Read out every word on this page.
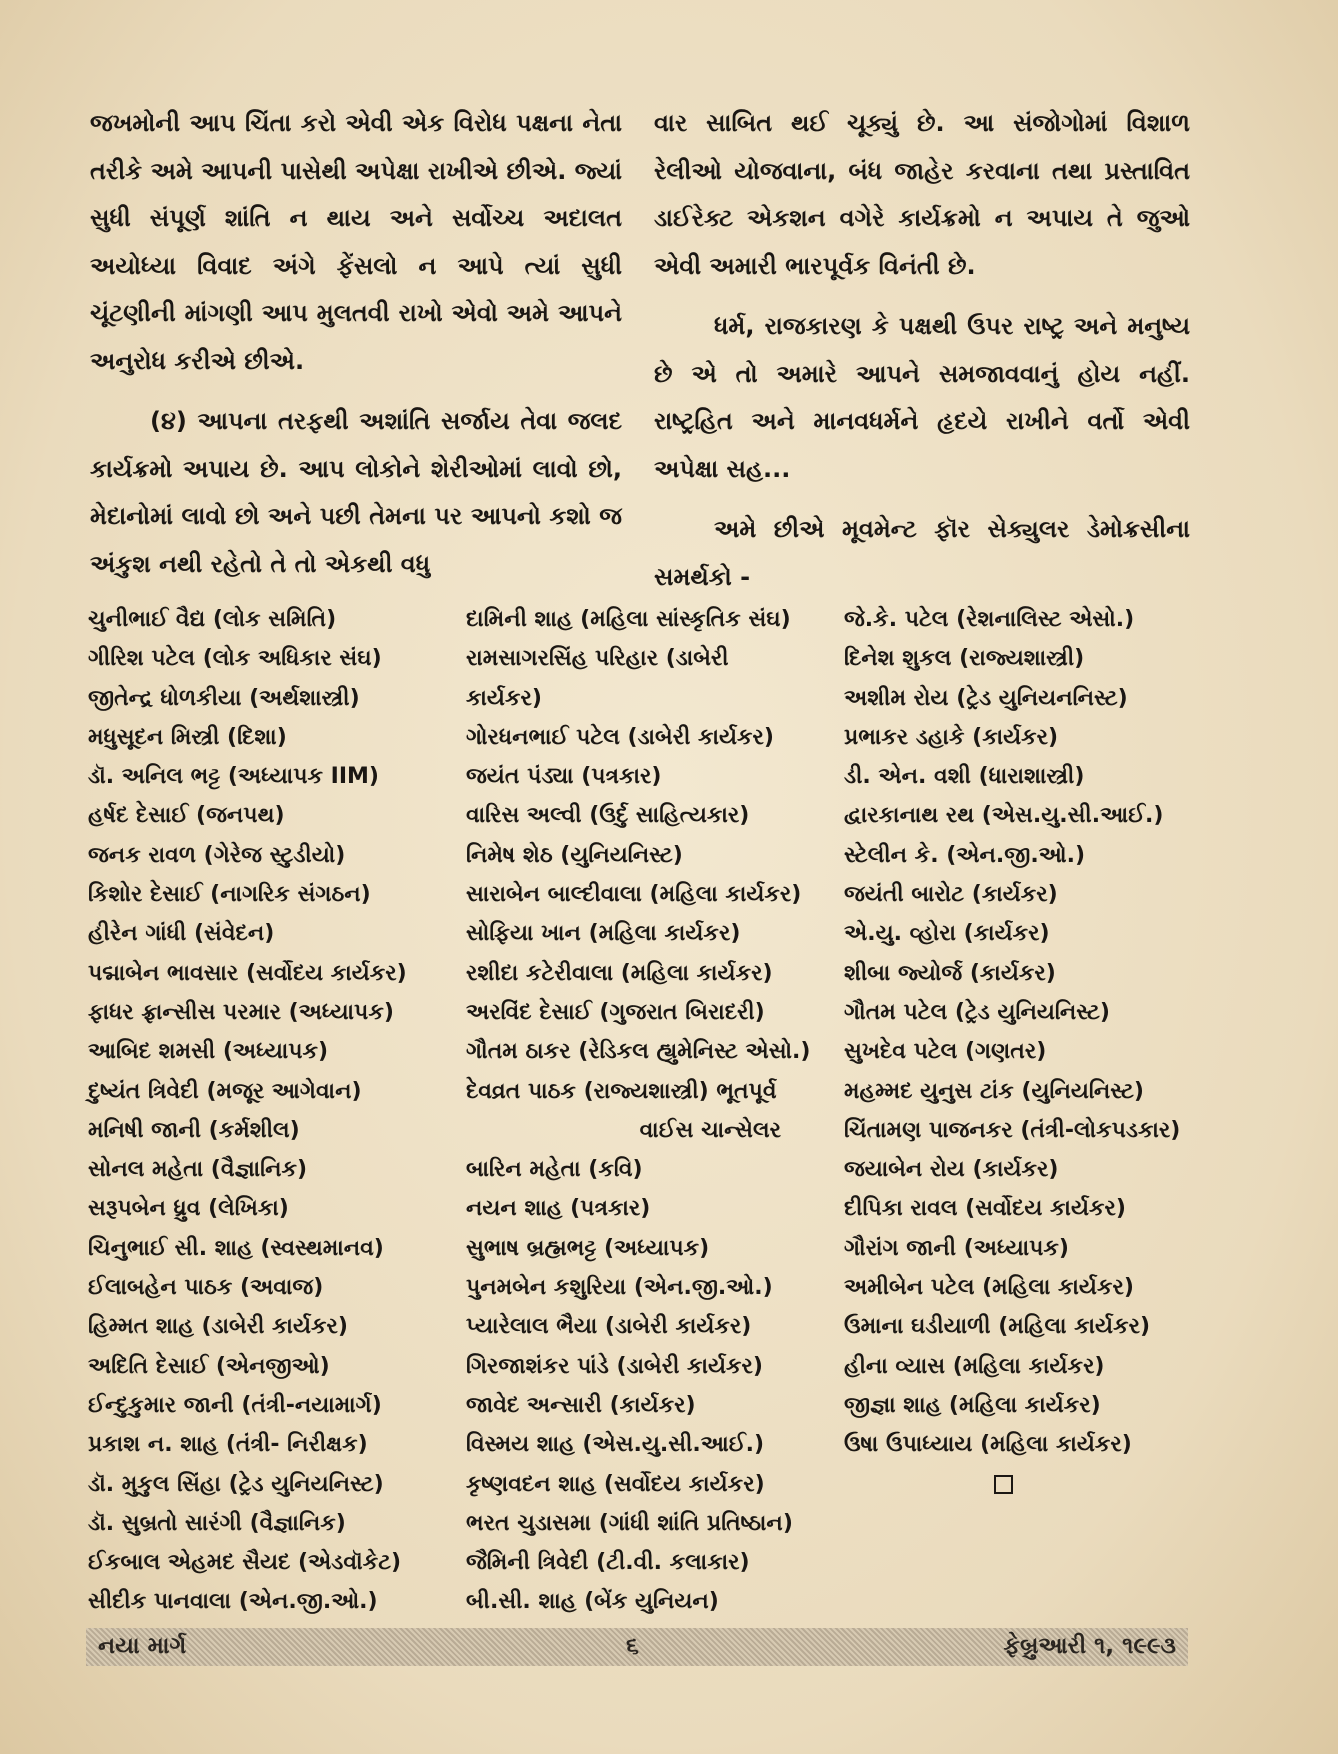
જખમોની આપ ચિંતા કરો એવી એક વિરોધ પક્ષના નેતા તરીકે અમે આપની પાસેથી અપેક્ષા રાખીએ છીએ. જ્યાં સુધી સંપૂર્ણ શાંતિ ન થાય અને સર્વોચ્ચ અદાલત અયોધ્યા વિવાદ અંગે ફેંસલો ન આપે ત્યાં સુધી ચૂંટણીની માંગણી આપ મુલતવી રાખો એવો અમે આપને અનુરોધ કરીએ છીએ.

(૪) આપના તરફથી અશાંતિ સર્જાય તેવા જલદ કાર્યક્રમો અપાય છે. આપ લોકોને શેરીઓમાં લાવો છો, મેદાનોમાં લાવો છો અને પછી તેમના પર આપનો કશો જ અંકુશ નથી રહેતો તે તો એકથી વધુ

વાર સાબિત થઈ ચૂક્યું છે. આ સંજોગોમાં વિશાળ રેલીઓ યોજવાના, બંધ જાહેર કરવાના તથા પ્રસ્તાવિત ડાઈરેક્ટ એકશન વગેરે કાર્યક્રમો ન અપાય તે જુઓ એવી અમારી ભારપૂર્વક વિનંતી છે.

ધર્મ, રાજકારણ કે પક્ષથી ઉપર રાષ્ટ્ર અને મનુષ્ય છે એ તો અમારે આપને સમજાવવાનું હોય નહીં. રાષ્ટ્રહિત અને માનવધર્મને હૃદયે રાખીને વર્તો એવી અપેક્ષા સહ...

અમે છીએ મૂવમેન્ટ ફૉર સેક્યુલર ડેમોક્રસીના સમર્થકો -

ચુનીભાઈ વૈદ્ય (લોક સમિતિ)
ગીરિશ પટેલ (લોક અધિકાર સંઘ)
જીતેન્દ્ર ધોળકીયા (અર્થશાસ્ત્રી)
મધુસૂદન મિસ્ત્રી (દિશા)
ડૉ. અનિલ ભટ્ટ (અધ્યાપક IIM)
હર્ષદ દેસાઈ (જનપથ)
જનક રાવળ (ગેરેજ સ્ટુડીયો)
કિશોર દેસાઈ (નાગરિક સંગઠન)
હીરેન ગાંધી (સંવેદન)
પદ્માબેન ભાવસાર (સર્વોદય કાર્યકર)
ફાધર ફ્રાન્સીસ પરમાર (અધ્યાપક)
આબિદ શમસી (અધ્યાપક)
દુષ્યંત ત્રિવેદી (મજૂર આગેવાન)
મનિષી જાની (કર્મશીલ)
સોનલ મહેતા (વૈજ્ઞાનિક)
સરૂપબેન ધ્રુવ (લેખિકા)
ચિનુભાઈ સી. શાહ (સ્વસ્થમાનવ)
ઈલાબહેન પાઠક (અવાજ)
હિમ્મત શાહ (ડાબેરી કાર્યકર)
અદિતિ દેસાઈ (એનજીઓ)
ઈન્દુકુમાર જાની (તંત્રી-નયામાર્ગ)
પ્રકાશ ન. શાહ (તંત્રી- નિરીક્ષક)
ડૉ. મુકુલ સિંહા (ટ્રેડ યુનિયનિસ્ટ)
ડૉ. સુબ્રતો સારંગી (વૈજ્ઞાનિક)
ઈકબાલ એહમદ સૈયદ (એડવૉકેટ)
સીદીક પાનવાલા (એન.જી.ઓ.)
દામિની શાહ (મહિલા સાંસ્કૃતિક સંઘ)
રામસાગરસિંહ પરિહાર (ડાબેરી
કાર્યકર)
ગોરધનભાઈ પટેલ (ડાબેરી કાર્યકર)
જયંત પંડ્યા (પત્રકાર)
વારિસ અલ્વી (ઉર્દુ સાહિત્યકાર)
નિમેષ શેઠ (યુનિયનિસ્ટ)
સારાબેન બાલ્દીવાલા (મહિલા કાર્યકર)
સોફિયા ખાન (મહિલા કાર્યકર)
રશીદા કટેરીવાલા (મહિલા કાર્યકર)
અરવિંદ દેસાઈ (ગુજરાત બિરાદરી)
ગૌતમ ઠાકર (રેડિકલ હ્યુમેનિસ્ટ એસો.)
દેવવ્રત પાઠક (રાજ્યશાસ્ત્રી) ભૂતપૂર્વ
વાઈસ ચાન્સેલર
બારિન મહેતા (કવિ)
નયન શાહ (પત્રકાર)
સુભાષ બ્રહ્મભટ્ટ (અધ્યાપક)
પુનમબેન કશુરિયા (એન.જી.ઓ.)
પ્યારેલાલ ભૈયા (ડાબેરી કાર્યકર)
ગિરજાશંકર પાંડે (ડાબેરી કાર્યકર)
જાવેદ અન્સારી (કાર્યકર)
વિસ્મય શાહ (એસ.યુ.સી.આઈ.)
કૃષ્ણવદન શાહ (સર્વોદય કાર્યકર)
ભરત ચુડાસમા (ગાંધી શાંતિ પ્રતિષ્ઠાન)
જૈમિની ત્રિવેદી (ટી.વી. કલાકાર)
બી.સી. શાહ (બેંક યુનિયન)
જે.કે. પટેલ (રેશનાલિસ્ટ એસો.)
દિનેશ શુકલ (રાજ્યશાસ્ત્રી)
અશીમ રોય (ટ્રેડ યુનિયનનિસ્ટ)
પ્રભાકર ડહાકે (કાર્યકર)
ડી. એન. વશી (ધારાશાસ્ત્રી)
દ્વારકાનાથ રથ (એસ.યુ.સી.આઈ.)
સ્ટેલીન કે. (એન.જી.ઓ.)
જયંતી બારોટ (કાર્યકર)
એ.યુ. વ્હોરા (કાર્યકર)
શીબા જ્યોર્જ (કાર્યકર)
ગૌતમ પટેલ (ટ્રેડ યુનિયનિસ્ટ)
સુખદેવ પટેલ (ગણતર)
મહમ્મદ યુનુસ ટાંક (યુનિયનિસ્ટ)
ચિંતામણ પાજનકર (તંત્રી-લોકપડકાર)
જયાબેન રોય (કાર્યકર)
દીપિકા રાવલ (સર્વોદય કાર્યકર)
ગૌરાંગ જાની (અધ્યાપક)
અમીબેન પટેલ (મહિલા કાર્યકર)
ઉમાના ઘડીયાળી (મહિલા કાર્યકર)
હીના વ્યાસ (મહિલા કાર્યકર)
જીજ્ઞા શાહ (મહિલા કાર્યકર)
ઉષા ઉપાધ્યાય (મહિલા કાર્યકર)
નયા માર્ગ	૬	ફેબ્રુઆરી ૧, ૧૯૯૩
